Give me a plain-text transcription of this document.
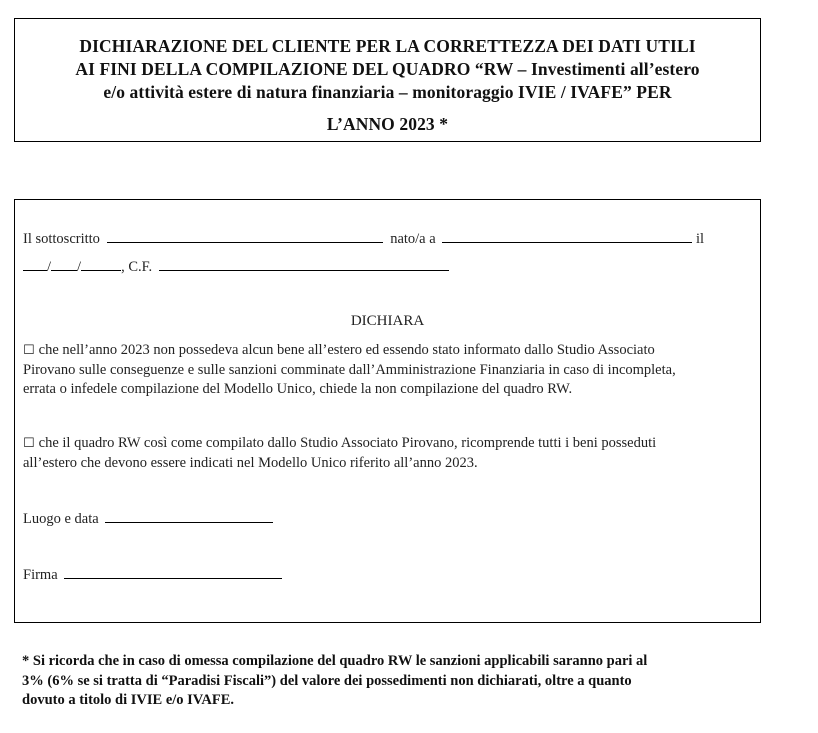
DICHIARAZIONE DEL CLIENTE PER LA CORRETTEZZA DEI DATI UTILI
AI FINI DELLA COMPILAZIONE DEL QUADRO “RW – Investimenti all’estero
e/o attività estere di natura finanziaria – monitoraggio IVIE / IVAFE” PER
L’ANNO 2023 *
Il sottoscritto	nato/a a	il
/ /	, C.F.
DICHIARA
☐ che nell’anno 2023 non possedeva alcun bene all’estero ed essendo stato informato dallo Studio Associato
Pirovano sulle conseguenze e sulle sanzioni comminate dall’Amministrazione Finanziaria in caso di incompleta,
errata o infedele compilazione del Modello Unico, chiede la non compilazione del quadro RW.
☐ che il quadro RW così come compilato dallo Studio Associato Pirovano, ricomprende tutti i beni posseduti
all’estero che devono essere indicati nel Modello Unico riferito all’anno 2023.
Luogo e data
Firma
* Si ricorda che in caso di omessa compilazione del quadro RW le sanzioni applicabili saranno pari al
3% (6% se si tratta di “Paradisi Fiscali”) del valore dei possedimenti non dichiarati, oltre a quanto
dovuto a titolo di IVIE e/o IVAFE.
